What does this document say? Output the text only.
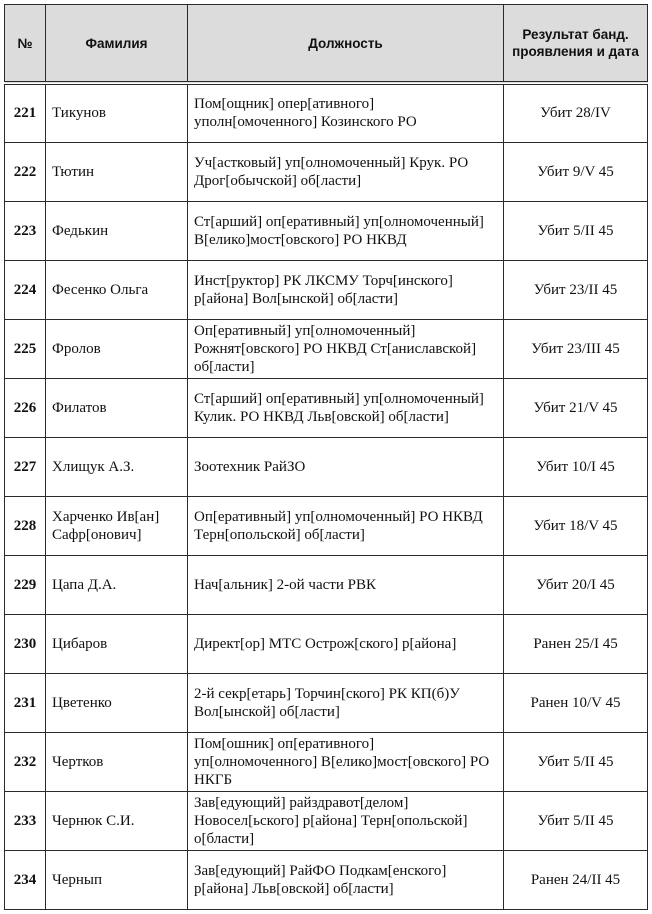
№	Фамилия	Должность	Результат банд. проявления и дата
221	Тикунов	Пом[ощник] опер[ативного] уполн[омоченного] Козинского РО	Убит 28/IV
222	Тютин	Уч[астковый] уп[олномоченный] Крук. РО Дрог[обычской] об[ласти]	Убит 9/V 45
223	Федькин	Ст[арший] оп[еративный] уп[олномоченный] В[елико]мост[овского] РО НКВД	Убит 5/II 45
224	Фесенко Ольга	Инст[руктор] РК ЛКСМУ Торч[инского] р[айона] Вол[ынской] об[ласти]	Убит 23/II 45
225	Фролов	Оп[еративный] уп[олномоченный] Рожнят[овского] РО НКВД Ст[аниславской] об[ласти]	Убит 23/III 45
226	Филатов	Ст[арший] оп[еративный] уп[олномоченный] Кулик. РО НКВД Льв[овской] об[ласти]	Убит 21/V 45
227	Хлищук А.З.	Зоотехник РайЗО	Убит 10/I 45
228	Харченко Ив[ан] Сафр[онович]	Оп[еративный] уп[олномоченный] РО НКВД Терн[опольской] об[ласти]	Убит 18/V 45
229	Цапа Д.А.	Нач[альник] 2-ой части РВК	Убит 20/I 45
230	Цибаров	Директ[ор] МТС Острож[ского] р[айона]	Ранен 25/I 45
231	Цветенко	2-й секр[етарь] Торчин[ского] РК КП(б)У Вол[ынской] об[ласти]	Ранен 10/V 45
232	Чертков	Пом[ошник] оп[еративного] уп[олномоченного] В[елико]мост[овского] РО НКГБ	Убит 5/II 45
233	Чернюк С.И.	Зав[едующий] райздравот[делом] Новосел[ьского] р[айона] Терн[опольской] о[бласти]	Убит 5/II 45
234	Чернып	Зав[едующий] РайФО Подкам[енского] р[айона] Льв[овской] об[ласти]	Ранен 24/II 45
